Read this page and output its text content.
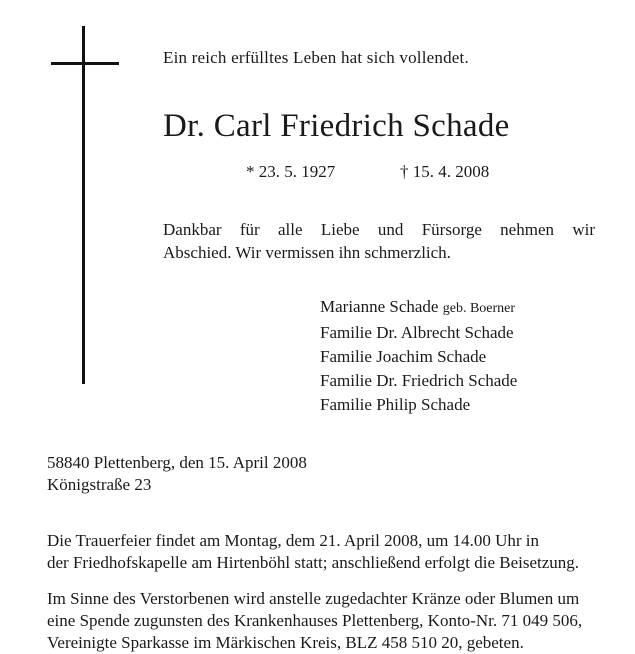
Ein reich erfülltes Leben hat sich vollendet.
Dr. Carl Friedrich Schade
* 23. 5. 1927	† 15. 4. 2008
Dankbar für alle Liebe und Fürsorge nehmen wir
Abschied. Wir vermissen ihn schmerzlich.
Marianne Schade geb. Boerner
Familie Dr. Albrecht Schade
Familie Joachim Schade
Familie Dr. Friedrich Schade
Familie Philip Schade
58840 Plettenberg, den 15. April 2008
Königstraße 23
Die Trauerfeier findet am Montag, dem 21. April 2008, um 14.00 Uhr in
der Friedhofskapelle am Hirtenböhl statt; anschließend erfolgt die Beisetzung.
Im Sinne des Verstorbenen wird anstelle zugedachter Kränze oder Blumen um
eine Spende zugunsten des Krankenhauses Plettenberg, Konto-Nr. 71 049 506,
Vereinigte Sparkasse im Märkischen Kreis, BLZ 458 510 20, gebeten.
